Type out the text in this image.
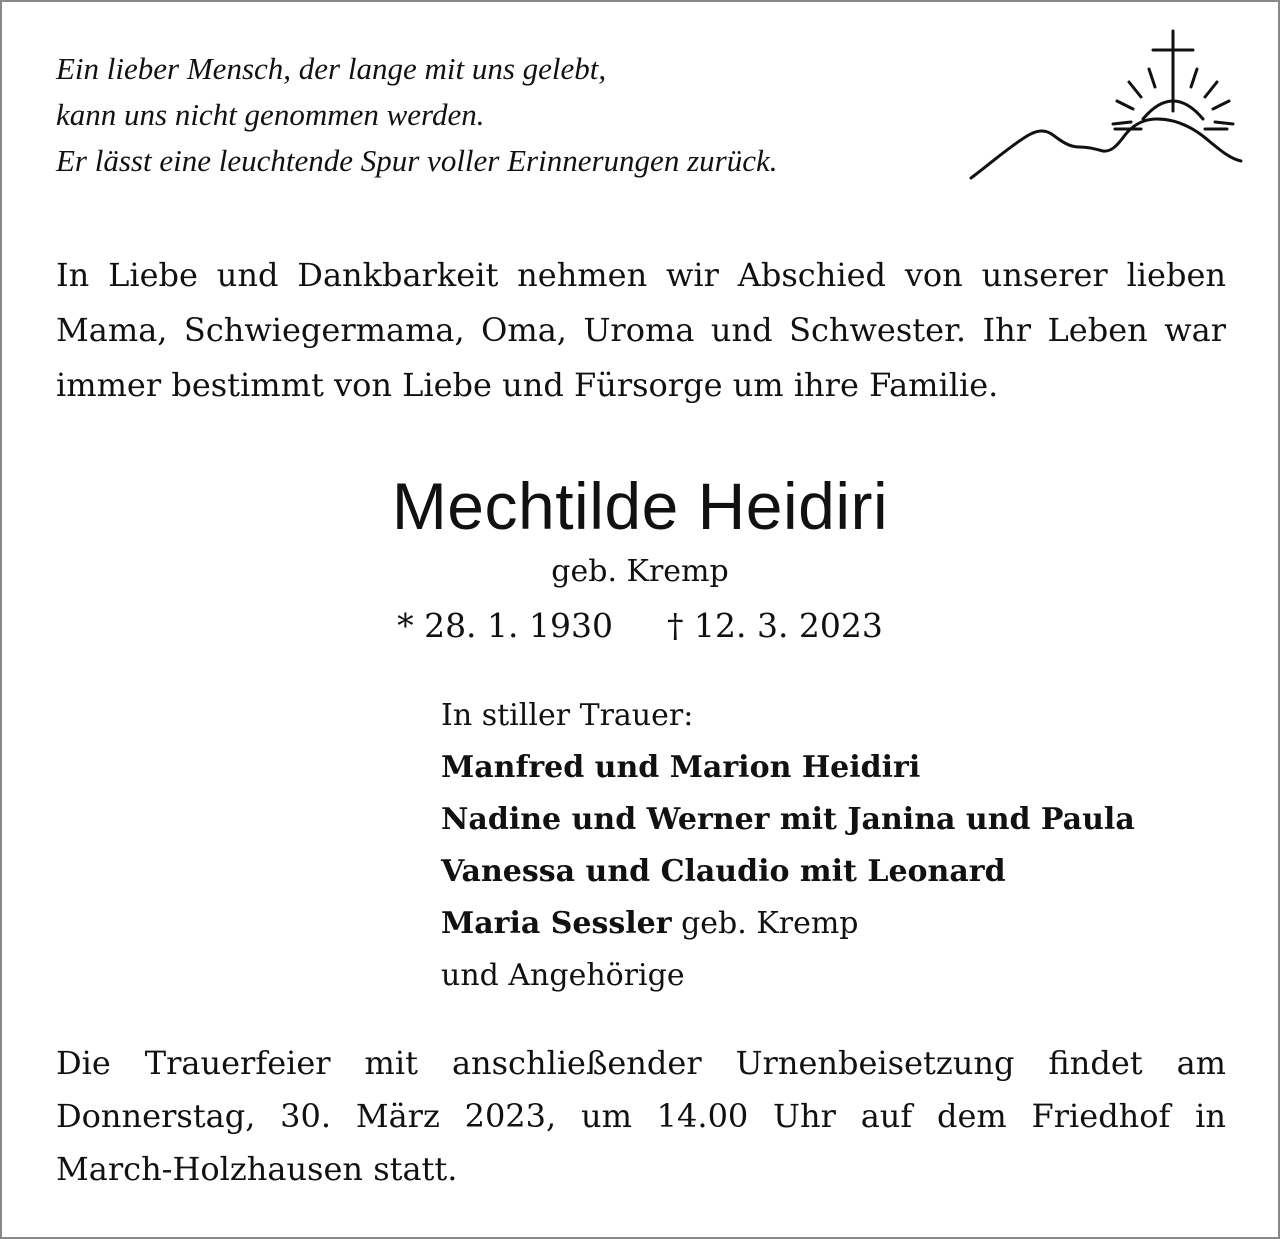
Ein lieber Mensch, der lange mit uns gelebt,
kann uns nicht genommen werden.
Er lässt eine leuchtende Spur voller Erinnerungen zurück.
In Liebe und Dankbarkeit nehmen wir Abschied von unserer lieben
Mama, Schwiegermama, Oma, Uroma und Schwester. Ihr Leben war
immer bestimmt von Liebe und Fürsorge um ihre Familie.
Mechtilde Heidiri
geb. Kremp
* 28. 1. 1930 † 12. 3. 2023
In stiller Trauer:
Manfred und Marion Heidiri
Nadine und Werner mit Janina und Paula
Vanessa und Claudio mit Leonard
Maria Sessler geb. Kremp
und Angehörige
Die Trauerfeier mit anschließender Urnenbeisetzung findet am
Donnerstag, 30. März 2023, um 14.00 Uhr auf dem Friedhof in
March-Holzhausen statt.
